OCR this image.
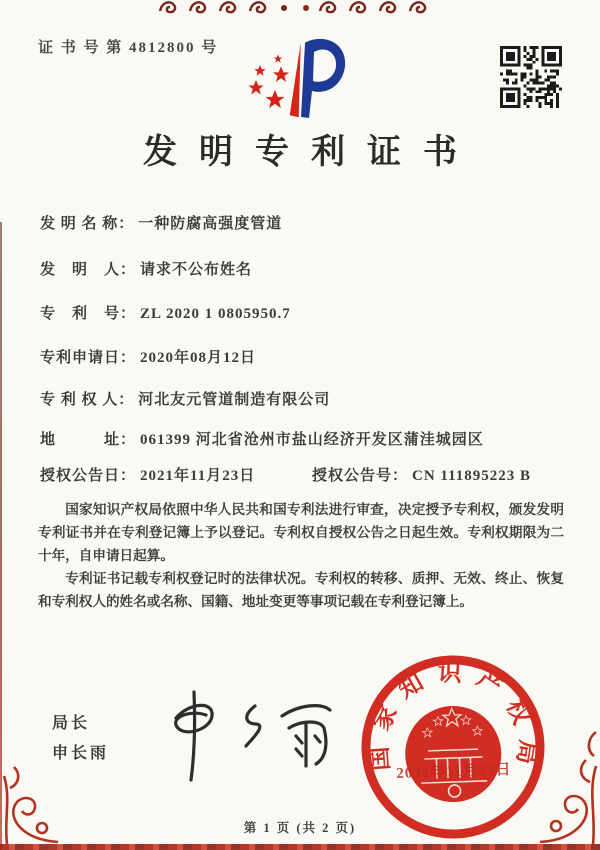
证 书 号 第 4812800 号
发明专利证书
发 明 名 称： 一种防腐高强度管道
发　明　人： 请求不公布姓名
专　利　号： ZL 2020 1 0805950.7
专利申请日： 2020年08月12日
专 利 权 人： 河北友元管道制造有限公司
地　　　址： 061399 河北省沧州市盐山经济开发区蒲洼城园区
授权公告日： 2021年11月23日	授权公告号： CN 111895223 B

国家知识产权局依照中华人民共和国专利法进行审查，决定授予专利权，颁发发明专利证书并在专利登记簿上予以登记。专利权自授权公告之日起生效。专利权期限为二十年，自申请日起算。

专利证书记载专利权登记时的法律状况。专利权的转移、质押、无效、终止、恢复和专利权人的姓名或名称、国籍、地址变更等事项记载在专利登记簿上。

局长
申长雨	国家知识产权局
2021年11月23日
第 1 页 (共 2 页)
